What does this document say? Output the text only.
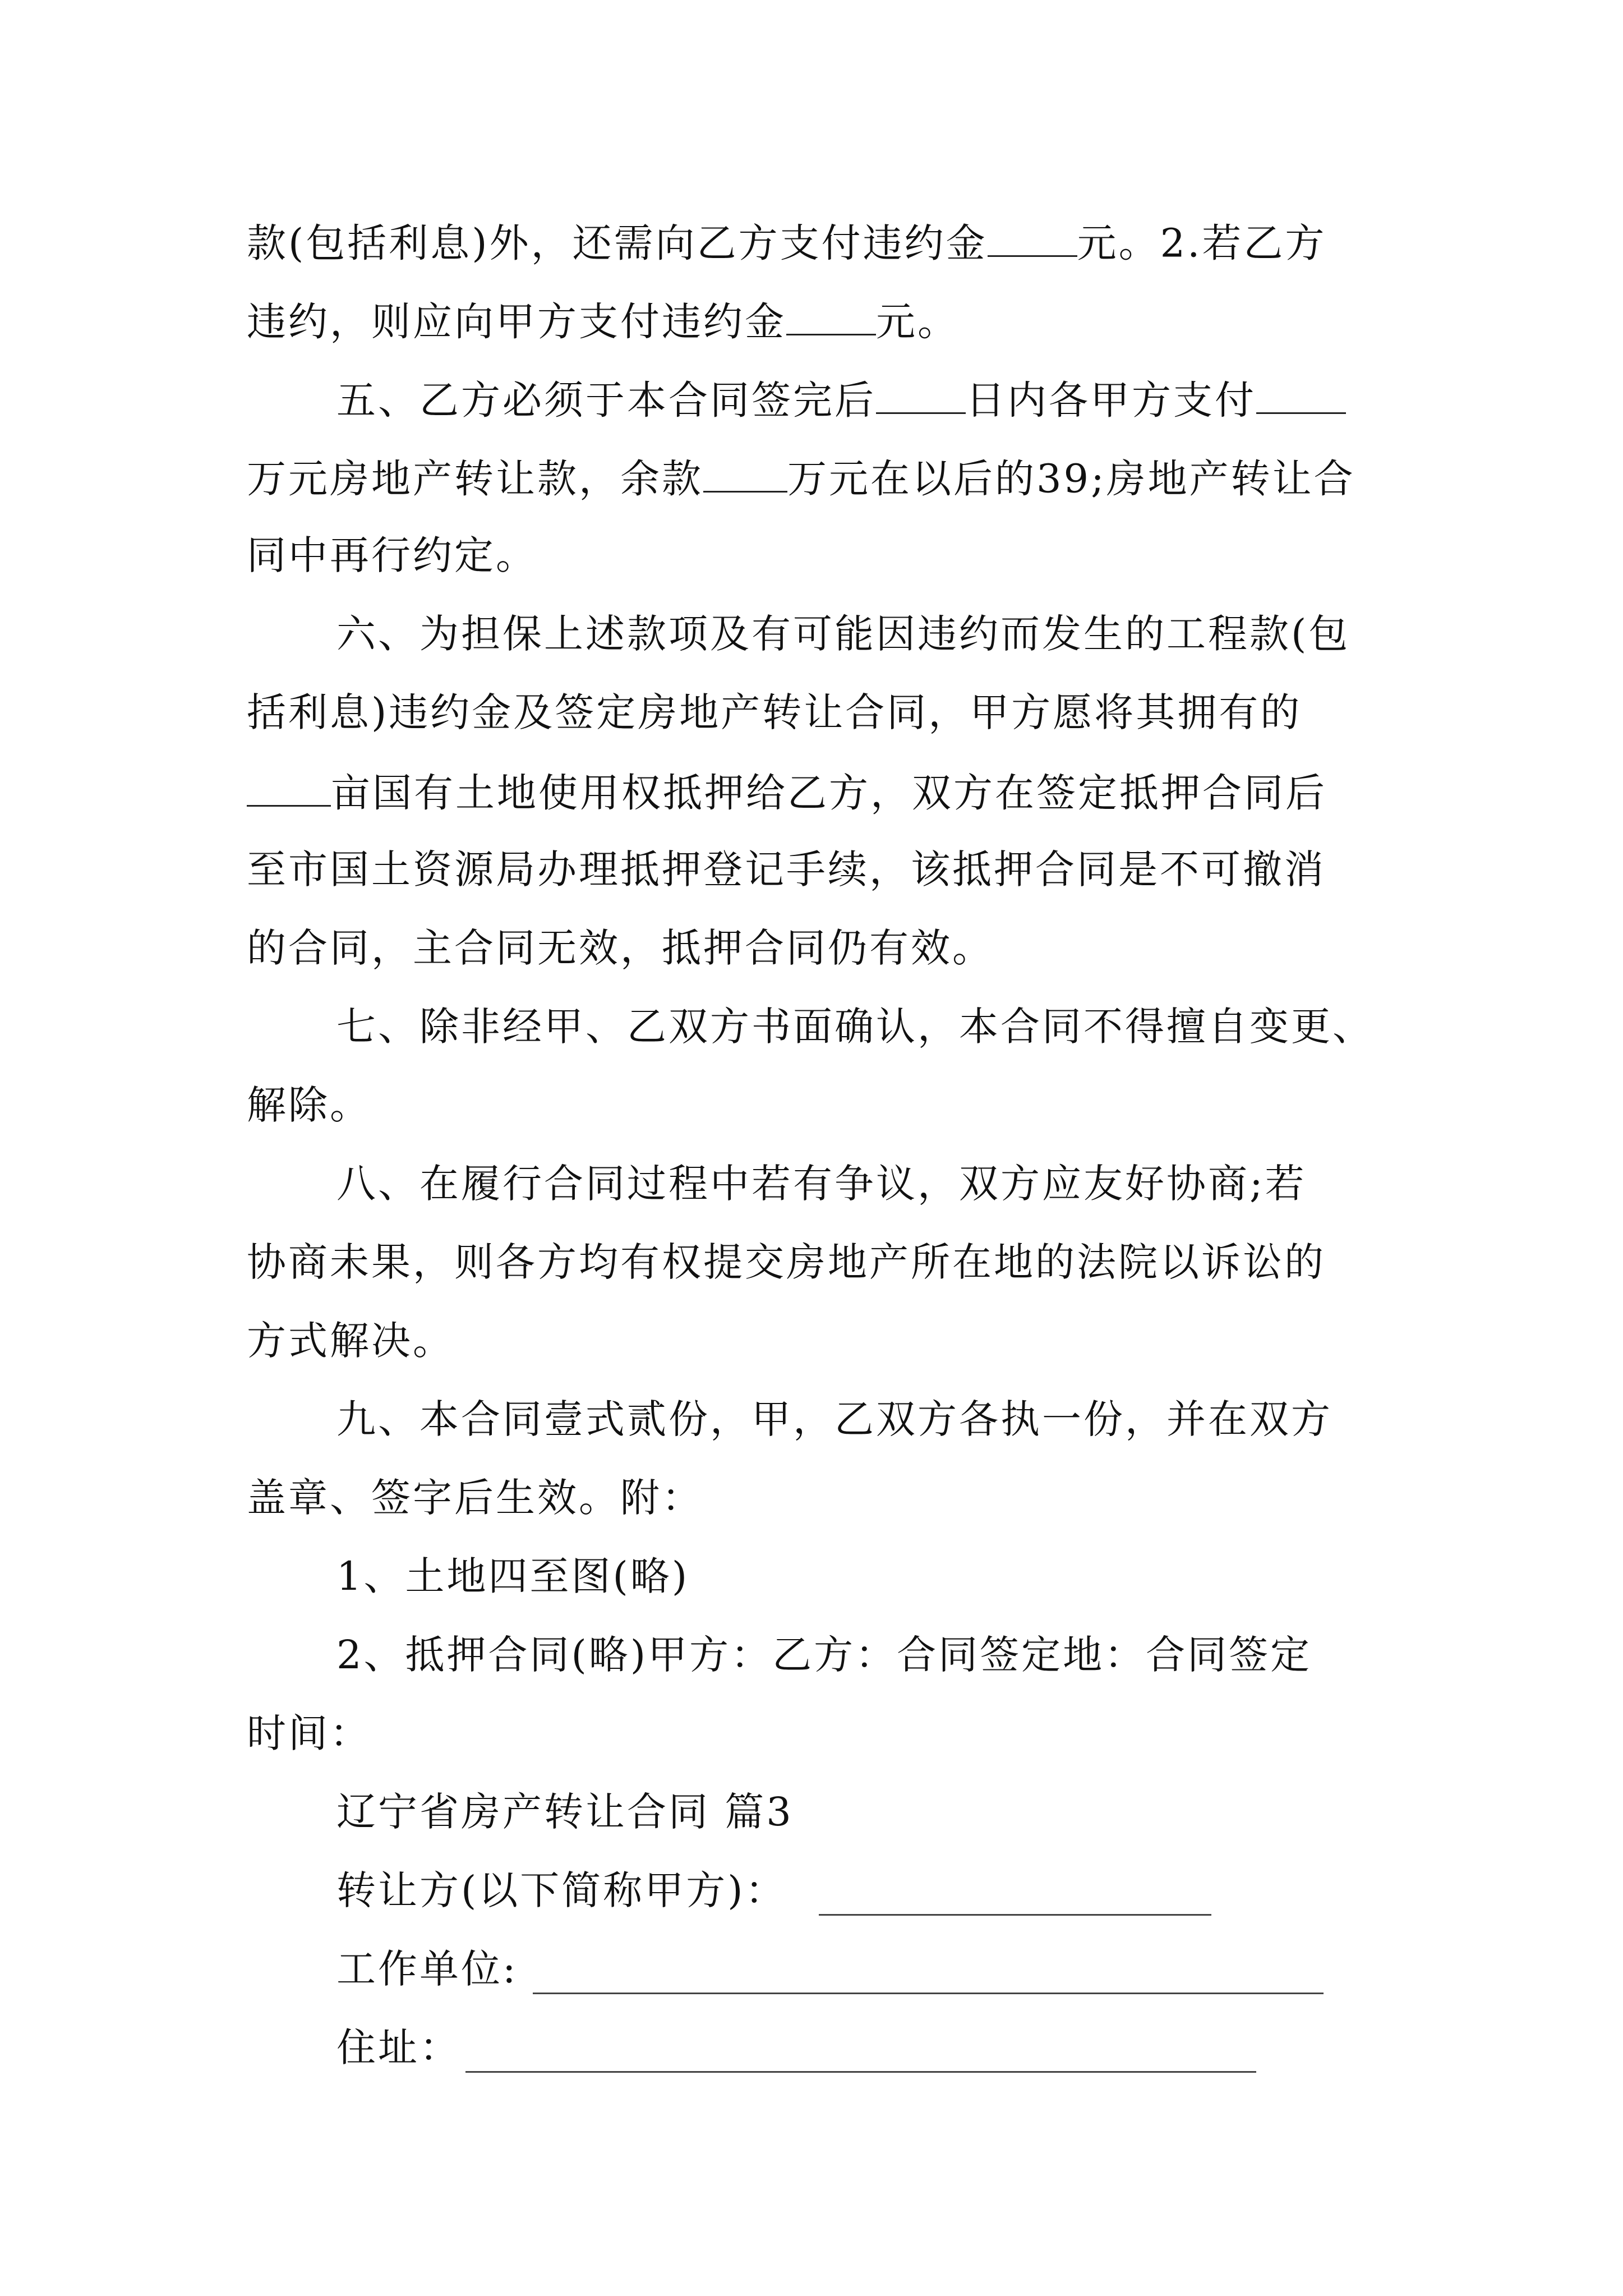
款(包括利息)外，还需向乙方支付违约金 元。2.若乙方
违约，则应向甲方支付违约金 元。
五、乙方必须于本合同签完后 日内各甲方支付
万元房地产转让款，余款 万元在以后的39;房地产转让合
同中再行约定。
六、为担保上述款项及有可能因违约而发生的工程款(包
括利息)违约金及签定房地产转让合同，甲方愿将其拥有的
亩国有土地使用权抵押给乙方，双方在签定抵押合同后
至市国土资源局办理抵押登记手续，该抵押合同是不可撤消
的合同，主合同无效，抵押合同仍有效。
七、除非经甲、乙双方书面确认，本合同不得擅自变更、
解除。
八、在履行合同过程中若有争议，双方应友好协商;若
协商未果，则各方均有权提交房地产所在地的法院以诉讼的
方式解决。
九、本合同壹式贰份，甲，乙双方各执一份，并在双方
盖章、签字后生效。附：
1、土地四至图(略)
2、抵押合同(略)甲方：乙方：合同签定地：合同签定
时间：
辽宁省房产转让合同 篇3
转让方(以下简称甲方)：
工作单位:
住址：
